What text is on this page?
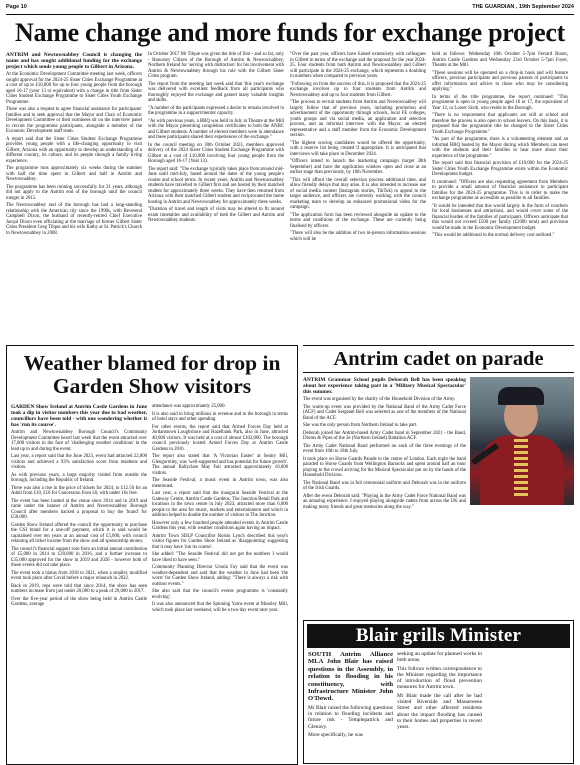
Page 10	THE GUARDIAN , 19th September 2024
Name change and more funds for exchange project

ANTRIM and Newtownabbey Council is changing the name and has sought additional funding for the exchange project which sends young people to Gilbert in Arizona.

At the Economic Development Committee meeting last week, officers sought approval for the 2024-25 Sister Cities Exchange Programme at a cost of up to £10,000 for up to four young people from the borough aged 16-17 (year 13 or equivalent) with a change in title from Sister Cities Student Exchange Programme to Sister Cities Youth Exchange Programme.

There was also a request to agree financial assistance for participants' families and to seek approval that the Mayor and Chair of Economic Development Committee or their nominees sit on the interview panel to recruit the programme participants, alongside a member of the Economic Development staff team.

A report said that the Sister Cities Student Exchange Programme provides young people with a life-changing opportunity to visit Gilbert, Arizona with an opportunity to develop an understanding of a different country, its culture, and its people through a family living experience.

The programme runs approximately six weeks during the summer with half the time spent in Gilbert and half in Antrim and Newtownabbey.

The programme has been running successfully for 21 years, although did not apply to the Antrim end of the borough until the council merger in 2015.

The Newtownabbey end of the borough has had a long-standing relationship with the American city since the 1990s, with Reverend Campbell Dixon, the husband of recently-retired Chief Executive Jacqui Dixon even officiating at the marriage of former Gilbert Sister Cities President Greg Tilque and his wife Kathy at St. Patrick's Church in Newtownabbey in 2008.

In October 2017 Mr Tilque was given the title of first - and so far, only - Honorary Citizen of the Borough of Antrim & Newtownabbey, Northern Ireland for 'serving with distinction' for his involvement with Antrim & Newtownabbey through his role with the Gilbert Sister Cities program.

The report from the meeting last week said that 'this year's exchange was delivered with excellent feedback from all participants who thoroughly enjoyed the exchange and gained many valuable insights and skills.

"A number of the participants expressed a desire to remain involved in the programme in a support/mentor capacity.

"As with previous years, a BBQ was held in July at Theatre at the Mill with the Mayor presenting completion certificates to both the ANBC and Gilbert students. A number of elected members were in attendance and these participants shared their experiences of the exchange."

In the council meeting on 30th October 2023, members approved delivery of the 2024 Sister Cities Student Exchange Programme with Gilbert at a cost of £10,000 involving four young people from the Borough aged 16-17 (Year 13).

The report said: "The exchange typically takes place from around mid-June until mid-July, based around the dates of the young people's course and school terms. In recent years, Antrim and Newtownabbey students have travelled to Gilbert first and are hosted by their matched student for approximately three weeks. They have then returned from Arizona with their matched Gilbert student and reciprocated the home hosting in Antrim and Newtownabbey for approximately three weeks.

"Duration of travel and length of visits may be altered to fit around exam timetables and availability of both the Gilbert and Antrim and Newtownabbey students.

"Over the past year, officers have liaised extensively with colleagues in Gilbert in terms of the exchange and the proposal for the year 2024-25. Four students from both Antrim and Newtownabbey and Gilbert will participate in the 2024-25 exchange, which represents a doubling in numbers when compared to previous years.

"Following on from the success of this, it is proposed that the 2024-25 exchange involves up to four students from Antrim and Newtownabbey and up to four students from Gilbert.

"The process to recruit students from Antrim and Newtownabbey will largely follow that of previous years, including promotion and advertisement of the opportunity through schools, local FE colleges, youth groups and via social media, an application and selection process, and an informal interview with the Mayor, an elected representative and a staff member from the Economic Development section.

"The highest scoring candidates would be offered the opportunity, with a reserve list being created if appropriate. It is anticipated that interviews will take place in December 2024.

"Officers intend to launch the marketing campaign (target 30th September) and have the application window open and close at an earlier stage than previously, by 10th November.

"This will afford the overall selection process additional time, and allow friendly delays that may arise. It is also intended to increase use of social media content (Instagram stories, TikTok) to appeal to the target audience, and officers are currently working with the council marketing team to develop an enhanced promotional video for the campaign.

"The application form has been reviewed alongside an update to the terms and conditions of the exchange. These are currently being finalised by officers.

"There will also be the addition of two in-person information sessions which will be

held as follows: Wednesday 16th October 5-7pm Ferrard Room, Antrim Castle Gardens and Wednesday 23rd October 5-7pm Foyer, Theatre at the Mill.

"These sessions will be operated on a drop-in basis and will feature officers, previous participants and previous parents of participants to offer information and advice to those who may be considering applying."

In terms of the title programme, the report continued: "This programme is open to young people aged 16 or 17, the equivalent of Year 13, or Lower Sixth, who reside in the Borough.

"There is no requirement that applicants are still at school and therefore the process is also open to school leavers. On this basis, it is proposed that the programme title be changed to the Sister Cities Youth Exchange Programme."

"As part of the programme, there is a volunteering element and an informal BBQ hosted by the Mayor during which Members can meet with the students and their families to hear more about their experience of the programme."

The report said that financial provision of £10,000 for the 2024-25 Sister Cities Youth Exchange Programme exists within the Economic Development budget.

It continued: "Officers are also requesting agreement from Members to provide a small amount of financial assistance to participant families for the 2024-25 programme. This is in order to make the exchange programme as accessible as possible to all families.

"It would be intended that this would largely in the form of vouchers for local businesses and attractions, and would cover some of the financial burden of the families of participants. Officers anticipate that this would not exceed £500 per family (£2000 total) and provision would be made in the Economic Development budget.

"This would be additional to the normal delivery cost outlined."

Weather blamed for drop in Garden Show visitors

GARDEN Show Ireland at Antrim Castle Gardens in June took a dip in visitor numbers this year due to bad weather, councillors have been told - with one wondering whether it has 'run its course'.

Antrim and Newtownabbey Borough Council's Community Development Committee heard last week that the event attracted over 17,000 visitors in the face of 'challenging weather conditions' in the lead up to and during the event.

Last year, a report said that the June 2023, event had attracted 22,000 visitors and achieved a 93% satisfaction score from residents and visitors.

As with previous years, a large majority visited from outside the borough, including the Republic of Ireland.

There was also a rise in the price of tickets for 2024, to £12.50 for an Adult from £10, £10 for Concession from £8, with under 16s free.

The event has been hosted at the venue since 2014 and in 2019 and came under the banner of Antrim and Newtownabbey Borough Council after members backed a proposal to buy the 'brand' for £50,000.

Garden Show Ireland offered the council the opportunity to purchase the GSI brand for a one-off payment, which it is said would be capitalised over ten years at an annual cost of £5,000, with council retaining all ticket income from the show and all sponsorship money.

The council's financial support rose from an initial annual contribution of £5,000 in 2014 to £20,000 in 2016, and a further increase to £35,000 approved for the show in 2019 and 2020 - however both of those events did not take place.

The event took a hiatus from 2018 to 2021, when a smaller, modified event took place after Covid before a major relaunch in 2022.

Back in 2019, reps were told that since 2014, the show has seen numbers increase from just under 20,000 to a peak of 29,000 in 2017.

Over the five-year period of the show being held in Antrim Castle Gardens, average

attendance was approximately 25,000.

It is also said to bring millions in revenue and to the borough in terms of hotel stays and other spending.

For other events, the report said that Armed Forces Day held at Jordanstown Loughshore and Hazelbank Park, also in June, attracted 40,000 visitors. It was held at a cost of almost £102,000. The borough council previously hosted Armed Forces Day at Antrim Castle Gardens in 2016.

The report also stated that 'A Victorian Easter' at Sentry Hill, Glengormley, was 'well-supported and has potential for future growth'. The annual Ballyclare May Fair attracted approximately 10,000 visitors.

The Seaside Festival, a music event in Antrim town, was also mentioned.

Last year, a report said that the inaugural Seaside Festival at the Gateway Centre, Antrim Castle Gardens, The Junction Retail Park and locations in the town centre in July 2023, attracted more than 6,000 people to the area for music, markets and entertainment and which in addition helped to double the number of visitors to The Junction.

However only a few hundred people attended events in Antrim Castle Gardens this year, with weather conditions again having an impact.

Antrim Town SDLP Councillor Roisin Lynch described this year's visitor figures for Garden Show Ireland as 'disappointing' suggesting that it may have 'run its course'.

She added: "The Seaside Festival did not get the numbers I would have liked to have seen."

Community Planning Director Ursula Fay said that the event was weather-dependent and said that the weather in June had been 'the worst' for Garden Show Ireland, adding: "There is always a risk with outdoor events."

She also said that the council's events programme is 'constantly evolving'.

It was also announced that the Spinning Yarns event at Mossley Mill, which took place last weekend, will be a two-day event next year.

Antrim cadet on parade

ANTRIM Grammar School pupils Deborah Bell has been speaking about her experience taking part in a 'Military Musical Spectacular' this summer.

The event was organised by the charity of the Household Division of the Army.

The warm-up event was provided by the National Band of the Army Cadet Force (ACF) and Cadet Sergeant Bell was selected as one of the members of the National Band of the ACF.

She was the only person from Northern Ireland to take part.

Deborah joined her Antrim-based Army Cadet band in September 2021 - the Band, Drums & Pipes of the 2e (Northern Ireland) Battalion ACF.

The Army Cadet National Band performed on each of the three evenings of the event from 16th to 18th July.

It took place on Horse Guards Parade in the centre of London. Each night the band paraded to Horse Guards from Wellington Barracks and spent around half an hour playing to the crowd arriving for the Musical Spectacular put on by the bands of the Household Division.

The National Band was in full ceremonial uniform and Deborah was in the uniform of the Irish Guards.

After the event Deborah said: "Playing in the Army Cadet Force National Band was an amazing experience. I enjoyed playing alongside cadets from across the UK and making many friends and great memories along the way."

Blair grills Minister

SOUTH Antrim Alliance MLA John Blair has raised questions in the Assembly, in relation to flooding in his constituency, with Infrastructure Minister John O'Dowd.

Mr Blair raised the following questions in relation to flooding incidents and future risk - Templepatrick and Glenavy.

More specifically, he was

seeking an update for planned works in both areas.

This follows written correspondence to the Minister regarding the importance of introduction of flood prevention measures for Antrim town.

Mr Blair made the call after he had visited Riverside and Massereene Street and other affected residents about the impact flooding has caused to their homes and properties in recent years.
